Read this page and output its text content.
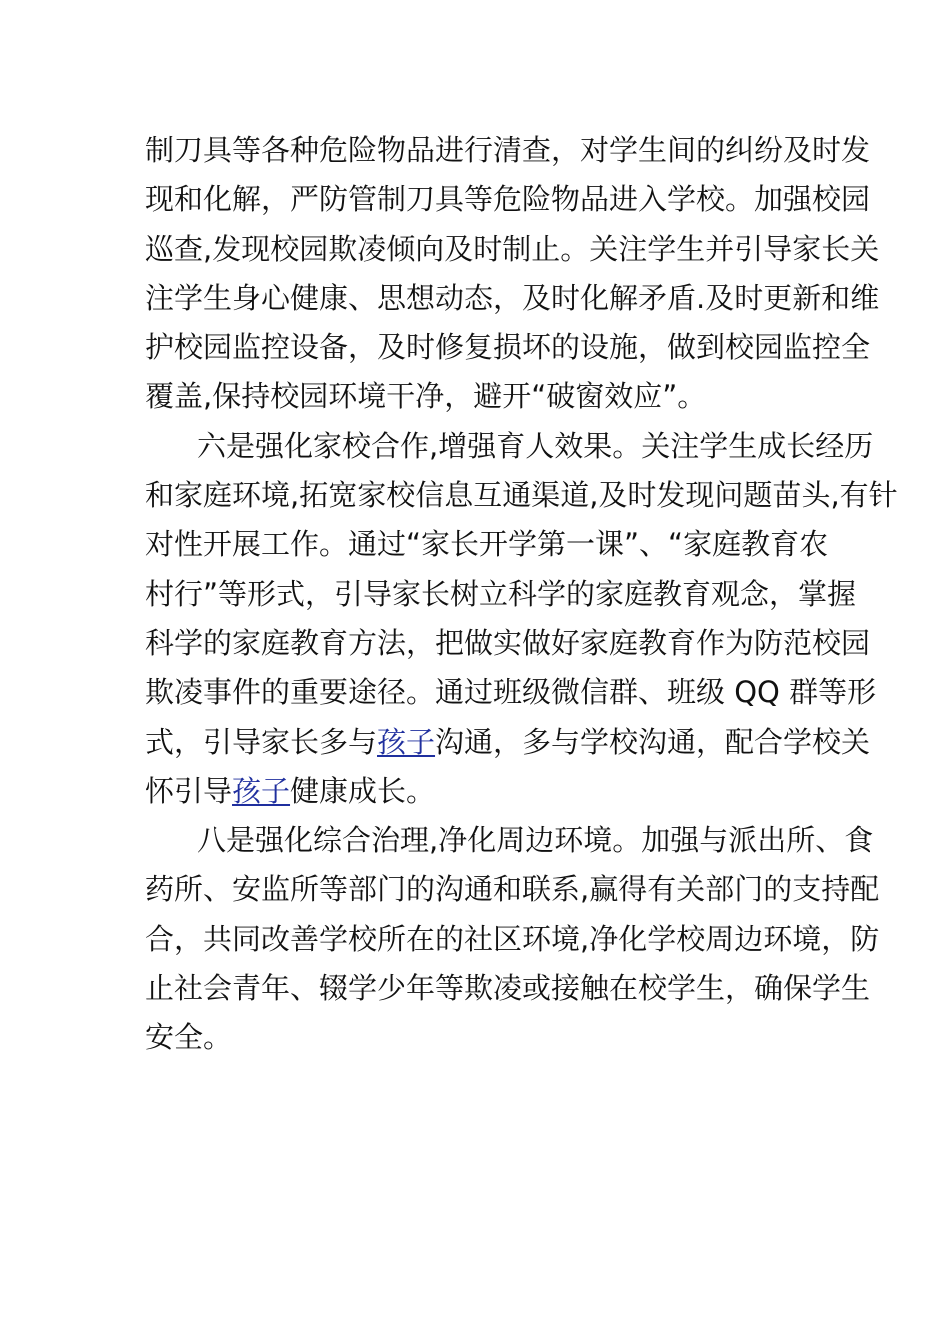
制刀具等各种危险物品进行清查，对学生间的纠纷及时发
现和化解，严防管制刀具等危险物品进入学校。加强校园
巡查,发现校园欺凌倾向及时制止。关注学生并引导家长关
注学生身心健康、思想动态，及时化解矛盾.及时更新和维
护校园监控设备，及时修复损坏的设施，做到校园监控全
覆盖,保持校园环境干净，避开“破窗效应”。
六是强化家校合作,增强育人效果。关注学生成长经历
和家庭环境,拓宽家校信息互通渠道,及时发现问题苗头,有针
对性开展工作。通过“家长开学第一课”、“家庭教育农
村行”等形式，引导家长树立科学的家庭教育观念，掌握
科学的家庭教育方法，把做实做好家庭教育作为防范校园
欺凌事件的重要途径。通过班级微信群、班级 QQ 群等形
式，引导家长多与孩子沟通，多与学校沟通，配合学校关
怀引导孩子健康成长。
八是强化综合治理,净化周边环境。加强与派出所、食
药所、安监所等部门的沟通和联系,赢得有关部门的支持配
合，共同改善学校所在的社区环境,净化学校周边环境，防
止社会青年、辍学少年等欺凌或接触在校学生，确保学生
安全。
